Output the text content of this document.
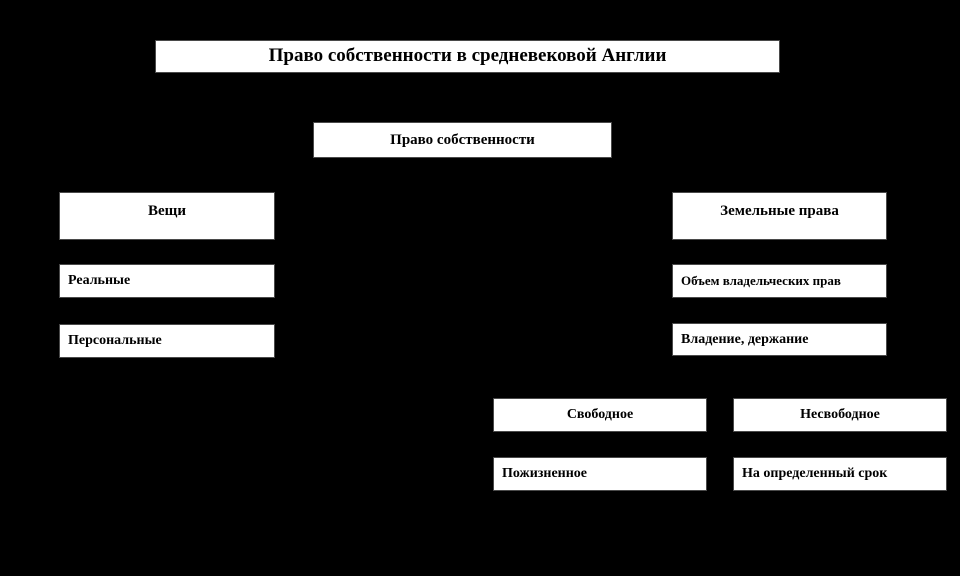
Право собственности в средневековой Англии
Право собственности
Вещи	Земельные права
Реальные
Персональные
Объем владельческих прав
Владение, держание
Свободное	Несвободное
Пожизненное	На определенный срок
